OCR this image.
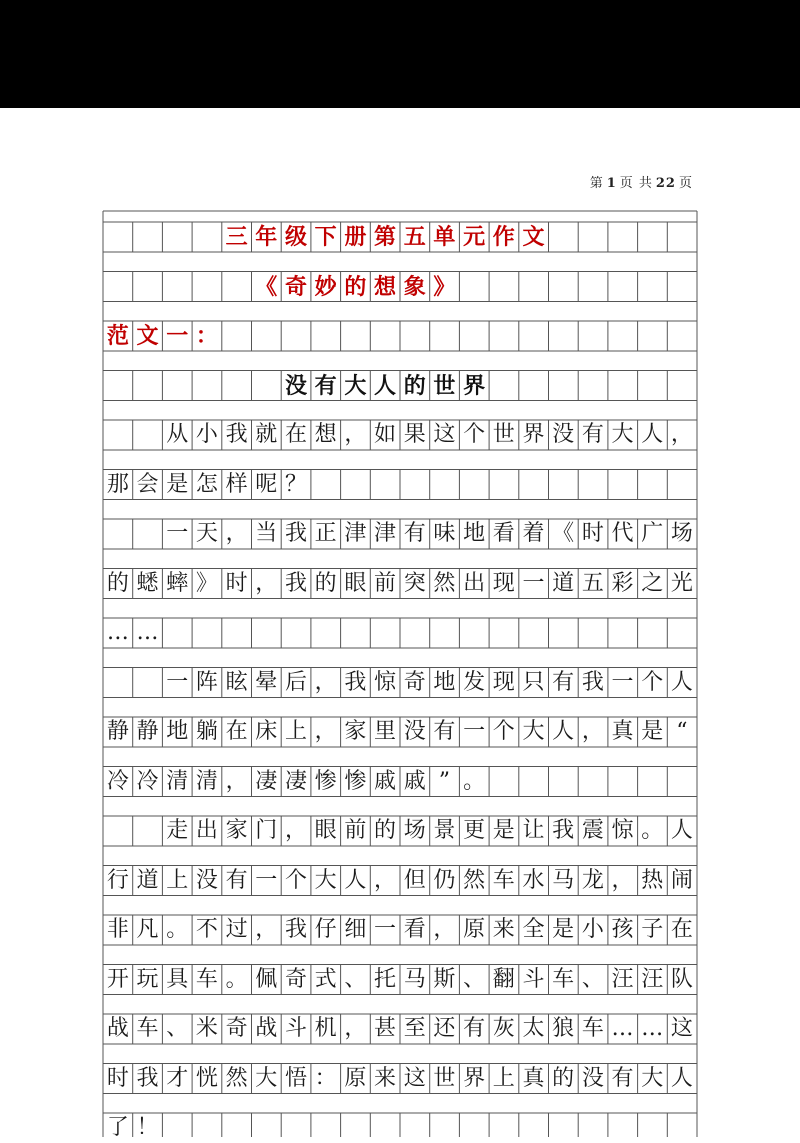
第 1 页 共 22 页
三 年 级 下 册 第 五 单 元 作 文
《 奇 妙 的 想 象 》
范 文 一 ：
没 有 大 人 的 世 界
从 小 我 就 在 想 ， 如 果 这 个 世 界 没 有 大 人 ，
那 会 是 怎 样 呢 ？
一 天 ， 当 我 正 津 津 有 味 地 看 着 《 时 代 广 场
的 蟋 蟀 》 时 ， 我 的 眼 前 突 然 出 现 一 道 五 彩 之 光
… …
一 阵 眩 晕 后 ， 我 惊 奇 地 发 现 只 有 我 一 个 人
静 静 地 躺 在 床 上 ， 家 里 没 有 一 个 大 人 ， 真 是 “
冷 冷 清 清 ， 凄 凄 惨 惨 戚 戚 ” 。
走 出 家 门 ， 眼 前 的 场 景 更 是 让 我 震 惊 。 人
行 道 上 没 有 一 个 大 人 ， 但 仍 然 车 水 马 龙 ， 热 闹
非 凡 。 不 过 ， 我 仔 细 一 看 ， 原 来 全 是 小 孩 子 在
开 玩 具 车 。 佩 奇 式 、 托 马 斯 、 翻 斗 车 、 汪 汪 队
战 车 、 米 奇 战 斗 机 ， 甚 至 还 有 灰 太 狼 车 … … 这
时 我 才 恍 然 大 悟 ： 原 来 这 世 界 上 真 的 没 有 大 人
了 ！
